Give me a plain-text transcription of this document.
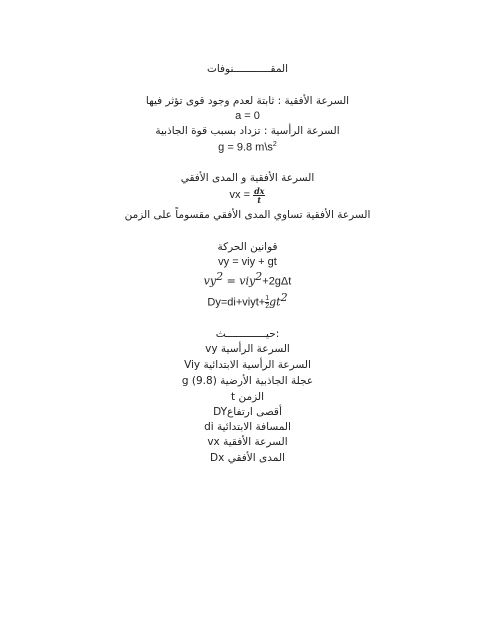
المقــــــــــــنوفات
السرعة الأفقية : ثابتة لعدم وجود قوى تؤثر فيها
a = 0
السرعة الرأسية : تزداد بسبب قوة الجاذبية
g = 9.8 $m\backslash s^2$
السرعة الأفقية و المدى الأفقي
vx = $\frac{dx}{t}$
السرعة الأفقية تساوي المدى الأفقي مقسوماً على الزمن
قوانين الحركة
vy = viy + gt
$vy^2 = viy^2+2g\Delta t$
Dy=di+viyt+ $\frac{1}{2}gt^2$
:حيـــــــــــــث
السرعة الرأسية vy
السرعة الرأسية الابتدائية Viy
عجلة الجاذبية الأرضية (9.8) g
الزمن t
DYأقصى ارتفاع
المسافة الابتدائية di
السرعة الأفقية vx
المدى الأفقي Dx
